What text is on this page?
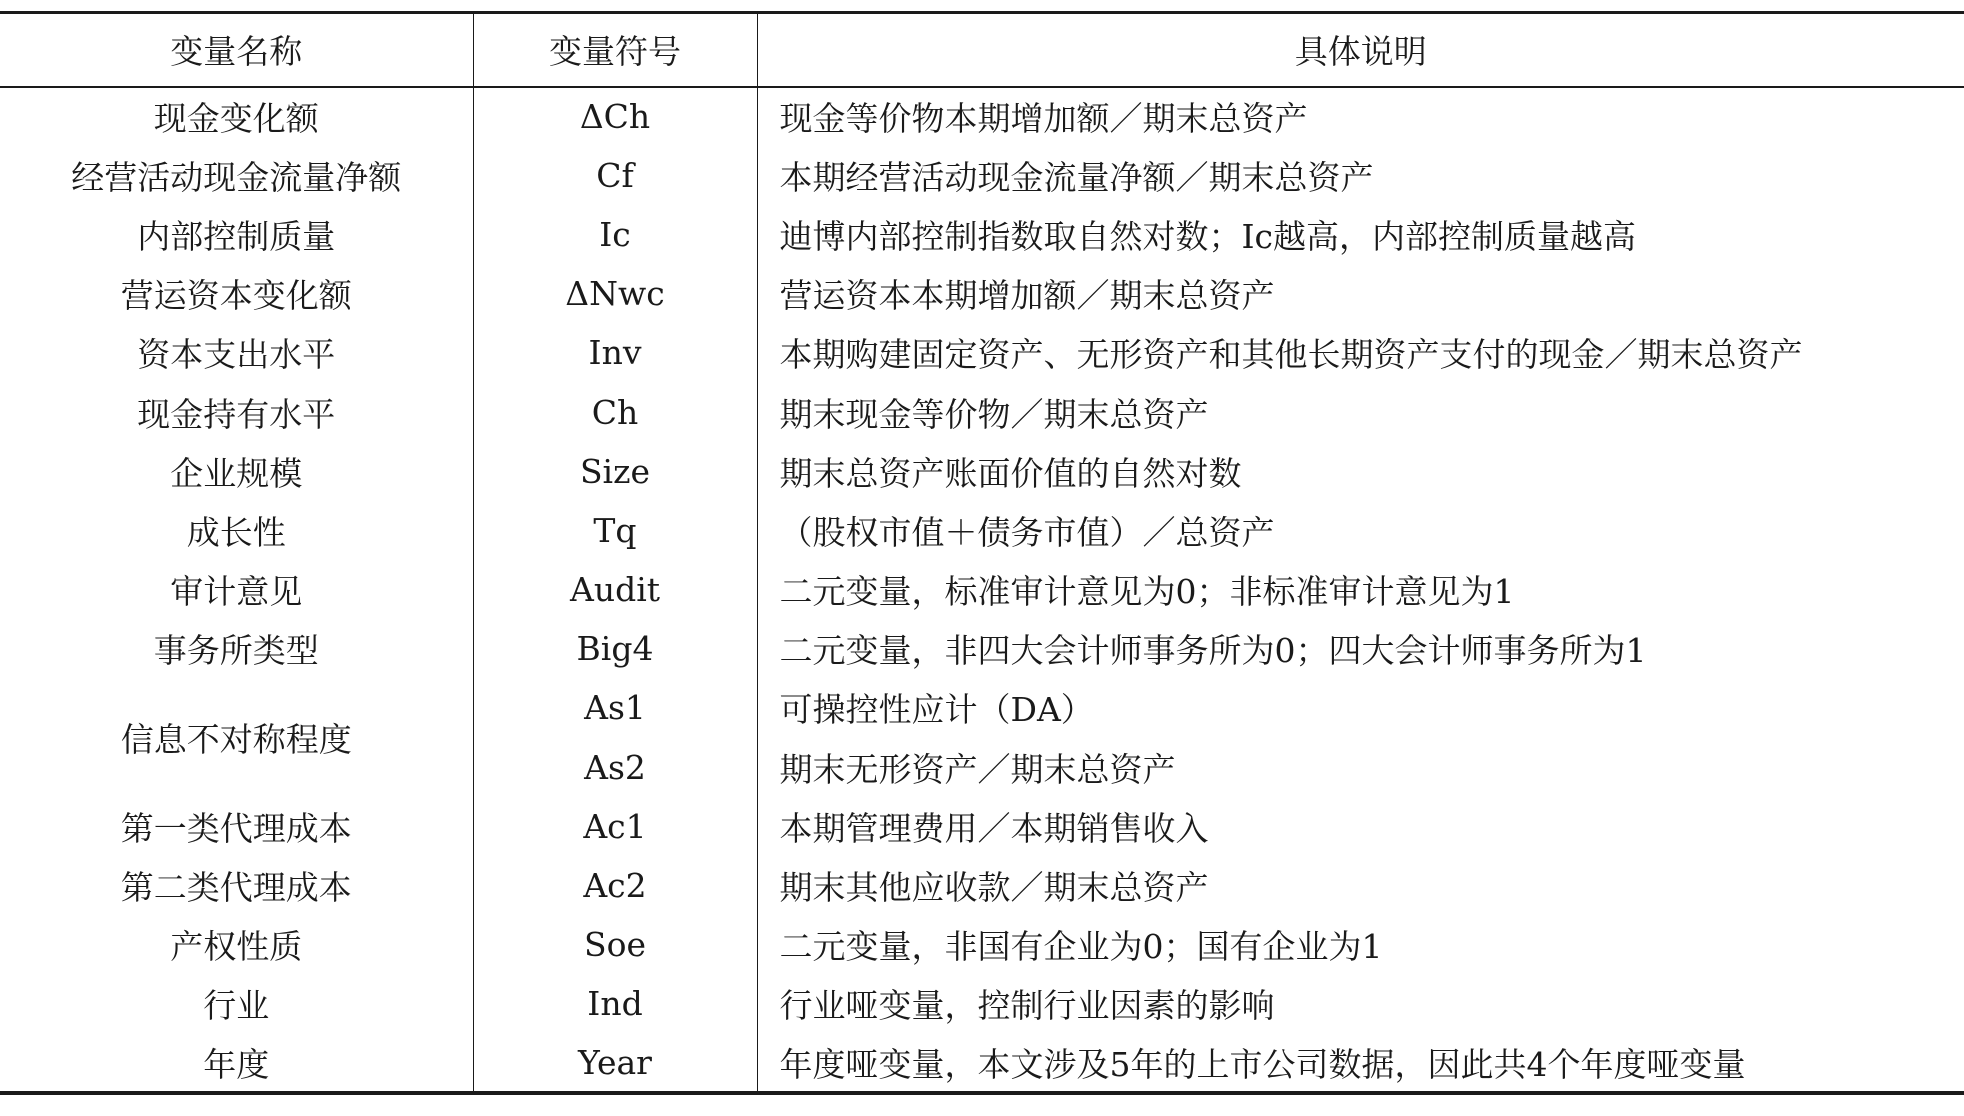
变量名称	变量符号	具体说明
现金变化额	ΔCh	现金等价物本期增加额／期末总资产
经营活动现金流量净额	Cf	本期经营活动现金流量净额／期末总资产
内部控制质量	Ic	迪博内部控制指数取自然对数；Ic越高，内部控制质量越高
营运资本变化额	ΔNwc	营运资本本期增加额／期末总资产
资本支出水平	Inv	本期购建固定资产、无形资产和其他长期资产支付的现金／期末总资产
现金持有水平	Ch	期末现金等价物／期末总资产
企业规模	Size	期末总资产账面价值的自然对数
成长性	Tq	（股权市值＋债务市值）／总资产
审计意见	Audit	二元变量，标准审计意见为0；非标准审计意见为1
事务所类型	Big4	二元变量，非四大会计师事务所为0；四大会计师事务所为1
信息不对称程度	As1	可操控性应计（DA）
	As2	期末无形资产／期末总资产
第一类代理成本	Ac1	本期管理费用／本期销售收入
第二类代理成本	Ac2	期末其他应收款／期末总资产
产权性质	Soe	二元变量，非国有企业为0；国有企业为1
行业	Ind	行业哑变量，控制行业因素的影响
年度	Year	年度哑变量，本文涉及5年的上市公司数据，因此共4个年度哑变量
